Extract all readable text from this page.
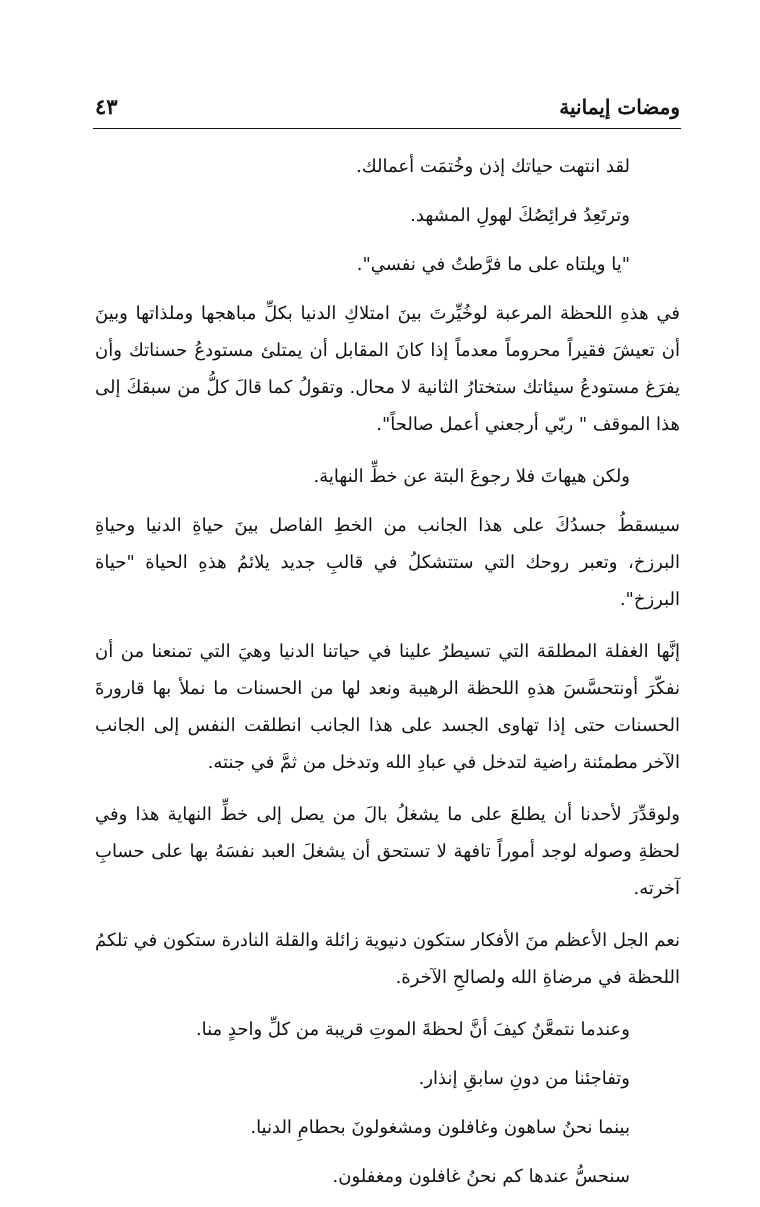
ومضات إيمانية
٤٣

لقد انتهت حياتك إذن وخُتمَت أعمالك.

وترتَعِدُ فرائِصُكَ لهولِ المشهد.

"يا ويلتاه على ما فرَّطتُ في نفسي".

في هذهِ اللحظة المرعبة لوخُيِّرتَ بينَ امتلاكِ الدنيا بكلِّ مباهجها وملذاتها وبينَ أن تعيشَ فقيراً محروماً معدماً إذا كانَ المقابل أن يمتلئ مستودعُ حسناتك وأن يفرَغ مستودعُ سيئاتك ستختارُ الثانية لا محال. وتقولُ كما قالَ كلُّ من سبقكَ إلى هذا الموقف " ربّي أرجعني أعمل صالحاً".

ولكن هيهاتَ فلا رجوعَ البتة عن خطِّ النهاية.

سيسقطُ جسدُكَ على هذا الجانب من الخطِ الفاصل بينَ حياةِ الدنيا وحياةِ البرزخ، وتعبر روحك التي ستتشكلُ في قالبِ جديد يلائمُ هذهِ الحياة "حياة البرزخ".

إنَّها الغفلة المطلقة التي تسيطرُ علينا في حياتنا الدنيا وهيَ التي تمنعنا من أن نفكّرَ أونتحسَّسَ هذهِ اللحظة الرهيبة ونعد لها من الحسنات ما نملأ بها قارورةَ الحسنات حتى إذا تهاوى الجسد على هذا الجانب انطلقت النفس إلى الجانب الآخر مطمئنة راضية لتدخل في عبادِ الله وتدخل من ثمَّ في جنته.

ولوقدِّرَ لأحدنا أن يطلعَ على ما يشغلُ بالَ من يصل إلى خطِّ النهاية هذا وفي لحظةِ وصوله لوجد أموراً تافهة لا تستحق أن يشغلَ العبد نفسَهُ بها على حسابِ آخرته.

نعم الجل الأعظم منَ الأفكار ستكون دنيوية زائلة والقلة النادرة ستكون في تلكمُ اللحظة في مرضاةِ الله ولصالحِ الآخرة.

وعندما نتمعَّنُ كيفَ أنَّ لحظةَ الموتِ قريبة من كلِّ واحدٍ منا.

وتفاجئنا من دونِ سابقِ إنذار.

بينما نحنُ ساهون وغافلون ومشغولونَ بحطامِ الدنيا.

سنحسُّ عندها كم نحنُ غافلون ومغفلون.
